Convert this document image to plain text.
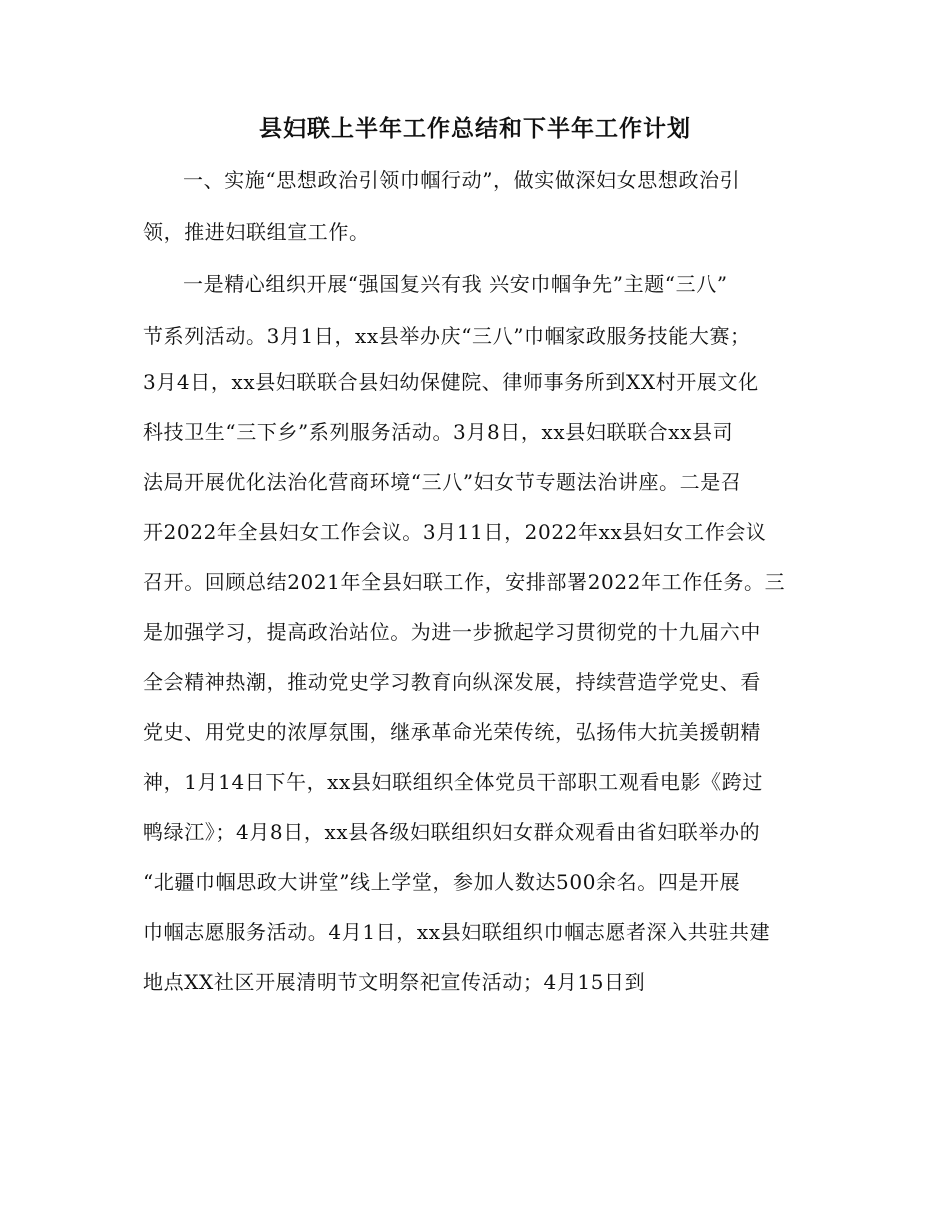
县妇联上半年工作总结和下半年工作计划
一、实施“思想政治引领巾帼行动”，做实做深妇女思想政治引
领，推进妇联组宣工作。
一是精心组织开展“强国复兴有我 兴安巾帼争先”主题“三八”
节系列活动。3月1日，xx县举办庆“三八”巾帼家政服务技能大赛；
3月4日，xx县妇联联合县妇幼保健院、律师事务所到XX村开展文化
科技卫生“三下乡”系列服务活动。3月8日，xx县妇联联合xx县司
法局开展优化法治化营商环境“三八”妇女节专题法治讲座。二是召
开2022年全县妇女工作会议。3月11日，2022年xx县妇女工作会议
召开。回顾总结2021年全县妇联工作，安排部署2022年工作任务。三
是加强学习，提高政治站位。为进一步掀起学习贯彻党的十九届六中
全会精神热潮，推动党史学习教育向纵深发展，持续营造学党史、看
党史、用党史的浓厚氛围，继承革命光荣传统，弘扬伟大抗美援朝精
神，1月14日下午，xx县妇联组织全体党员干部职工观看电影《跨过
鸭绿江》；4月8日，xx县各级妇联组织妇女群众观看由省妇联举办的
“北疆巾帼思政大讲堂”线上学堂，参加人数达500余名。四是开展
巾帼志愿服务活动。4月1日，xx县妇联组织巾帼志愿者深入共驻共建
地点XX社区开展清明节文明祭祀宣传活动；4月15日到
